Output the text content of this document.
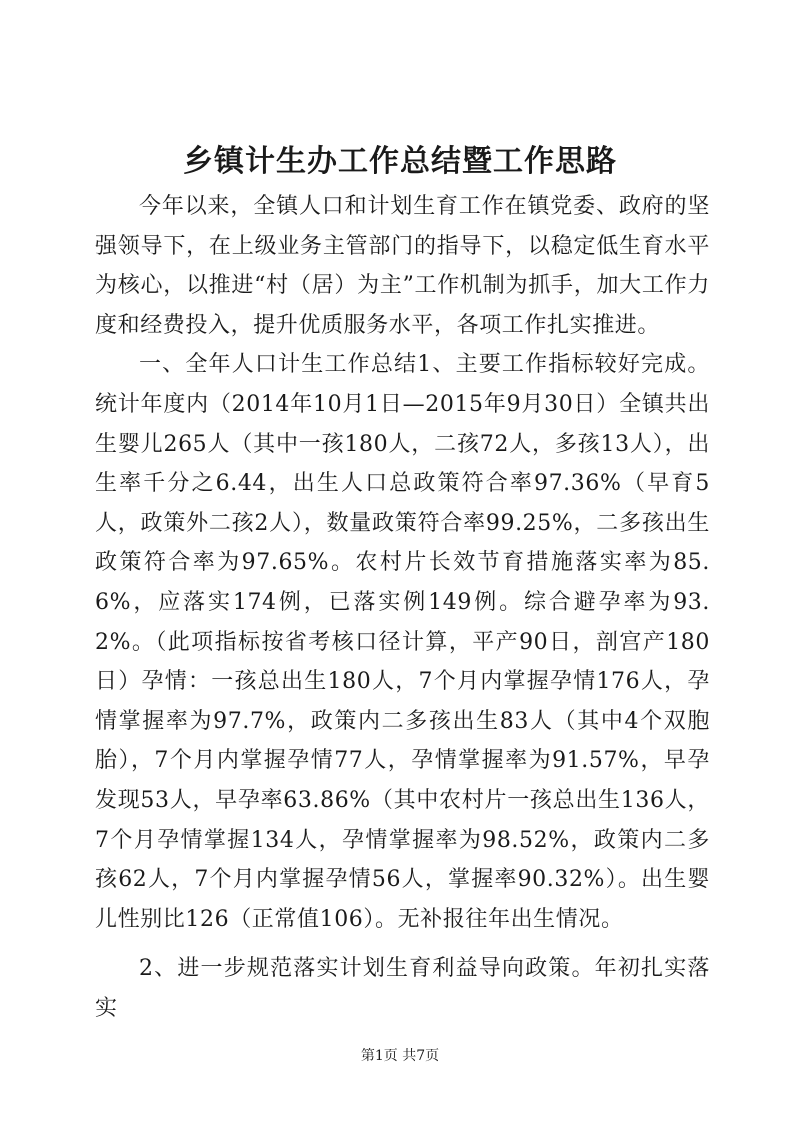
乡镇计生办工作总结暨工作思路

今年以来，全镇人口和计划生育工作在镇党委、政府的坚强领导下，在上级业务主管部门的指导下，以稳定低生育水平为核心，以推进“村（居）为主”工作机制为抓手，加大工作力度和经费投入，提升优质服务水平，各项工作扎实推进。

一、全年人口计生工作总结1、主要工作指标较好完成。统计年度内（2014年10月1日—2015年9月30日）全镇共出生婴儿265人（其中一孩180人，二孩72人，多孩13人），出生率千分之6.44，出生人口总政策符合率97.36%（早育5人，政策外二孩2人），数量政策符合率99.25%，二多孩出生政策符合率为97.65%。农村片长效节育措施落实率为85.6%，应落实174例，已落实例149例。综合避孕率为93.2%。（此项指标按省考核口径计算，平产90日，剖宫产180日）孕情：一孩总出生180人，7个月内掌握孕情176人，孕情掌握率为97.7%，政策内二多孩出生83人（其中4个双胞胎），7个月内掌握孕情77人，孕情掌握率为91.57%，早孕发现53人，早孕率63.86%（其中农村片一孩总出生136人，7个月孕情掌握134人，孕情掌握率为98.52%，政策内二多孩62人，7个月内掌握孕情56人，掌握率90.32%）。出生婴儿性别比126（正常值106）。无补报往年出生情况。

2、进一步规范落实计划生育利益导向政策。年初扎实落实

第1页 共7页
